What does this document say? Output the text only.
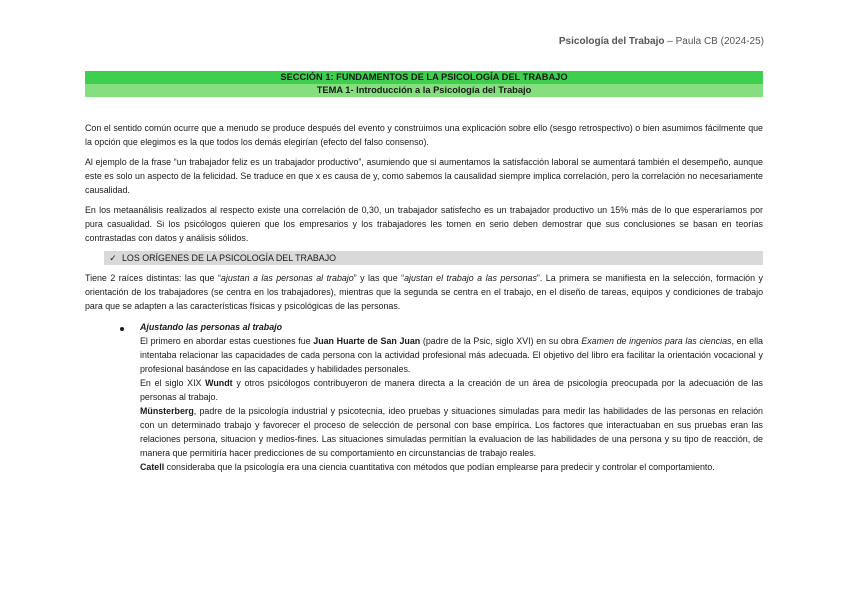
Psicología del Trabajo – Paula CB (2024-25)
SECCIÓN 1: FUNDAMENTOS DE LA PSICOLOGÍA DEL TRABAJO
TEMA 1- Introducción a la Psicología del Trabajo

Con el sentido común ocurre que a menudo se produce después del evento y construimos una explicación sobre ello (sesgo retrospectivo) o bien asumimos fácilmente que la opción que elegimos es la que todos los demás elegirían (efecto del falso consenso).

Al ejemplo de la frase “un trabajador feliz es un trabajador productivo”, asumiendo que si aumentamos la satisfacción laboral se aumentará también el desempeño, aunque este es solo un aspecto de la felicidad. Se traduce en que x es causa de y, como sabemos la causalidad siempre implica correlación, pero la correlación no necesariamente causalidad.

En los metaanálisis realizados al respecto existe una correlación de 0,30, un trabajador satisfecho es un trabajador productivo un 15% más de lo que esperaríamos por pura casualidad. Si los psicólogos quieren que los empresarios y los trabajadores les tomen en serio deben demostrar que sus conclusiones se basan en teorías contrastadas con datos y análisis sólidos.

✓ LOS ORÍGENES DE LA PSICOLOGÍA DEL TRABAJO

Tiene 2 raíces distintas: las que “ajustan a las personas al trabajo” y las que “ajustan el trabajo a las personas”. La primera se manifiesta en la selección, formación y orientación de los trabajadores (se centra en los trabajadores), mientras que la segunda se centra en el trabajo, en el diseño de tareas, equipos y condiciones de trabajo para que se adapten a las características físicas y psicológicas de las personas.

Ajustando las personas al trabajo

El primero en abordar estas cuestiones fue Juan Huarte de San Juan (padre de la Psic, siglo XVI) en su obra Examen de ingenios para las ciencias, en ella intentaba relacionar las capacidades de cada persona con la actividad profesional más adecuada. El objetivo del libro era facilitar la orientación vocacional y profesional basándose en las capacidades y habilidades personales.

En el siglo XIX Wundt y otros psicólogos contribuyeron de manera directa a la creación de un área de psicología preocupada por la adecuación de las personas al trabajo.

Münsterberg, padre de la psicología industrial y psicotecnia, ideo pruebas y situaciones simuladas para medir las habilidades de las personas en relación con un determinado trabajo y favorecer el proceso de selección de personal con base empírica. Los factores que interactuaban en sus pruebas eran las relaciones persona, situacion y medios-fines. Las situaciones simuladas permitían la evaluacion de las habilidades de una persona y su tipo de reacción, de manera que permitiría hacer predicciones de su comportamiento en circunstancias de trabajo reales.

Catell consideraba que la psicología era una ciencia cuantitativa con métodos que podían emplearse para predecir y controlar el comportamiento.
